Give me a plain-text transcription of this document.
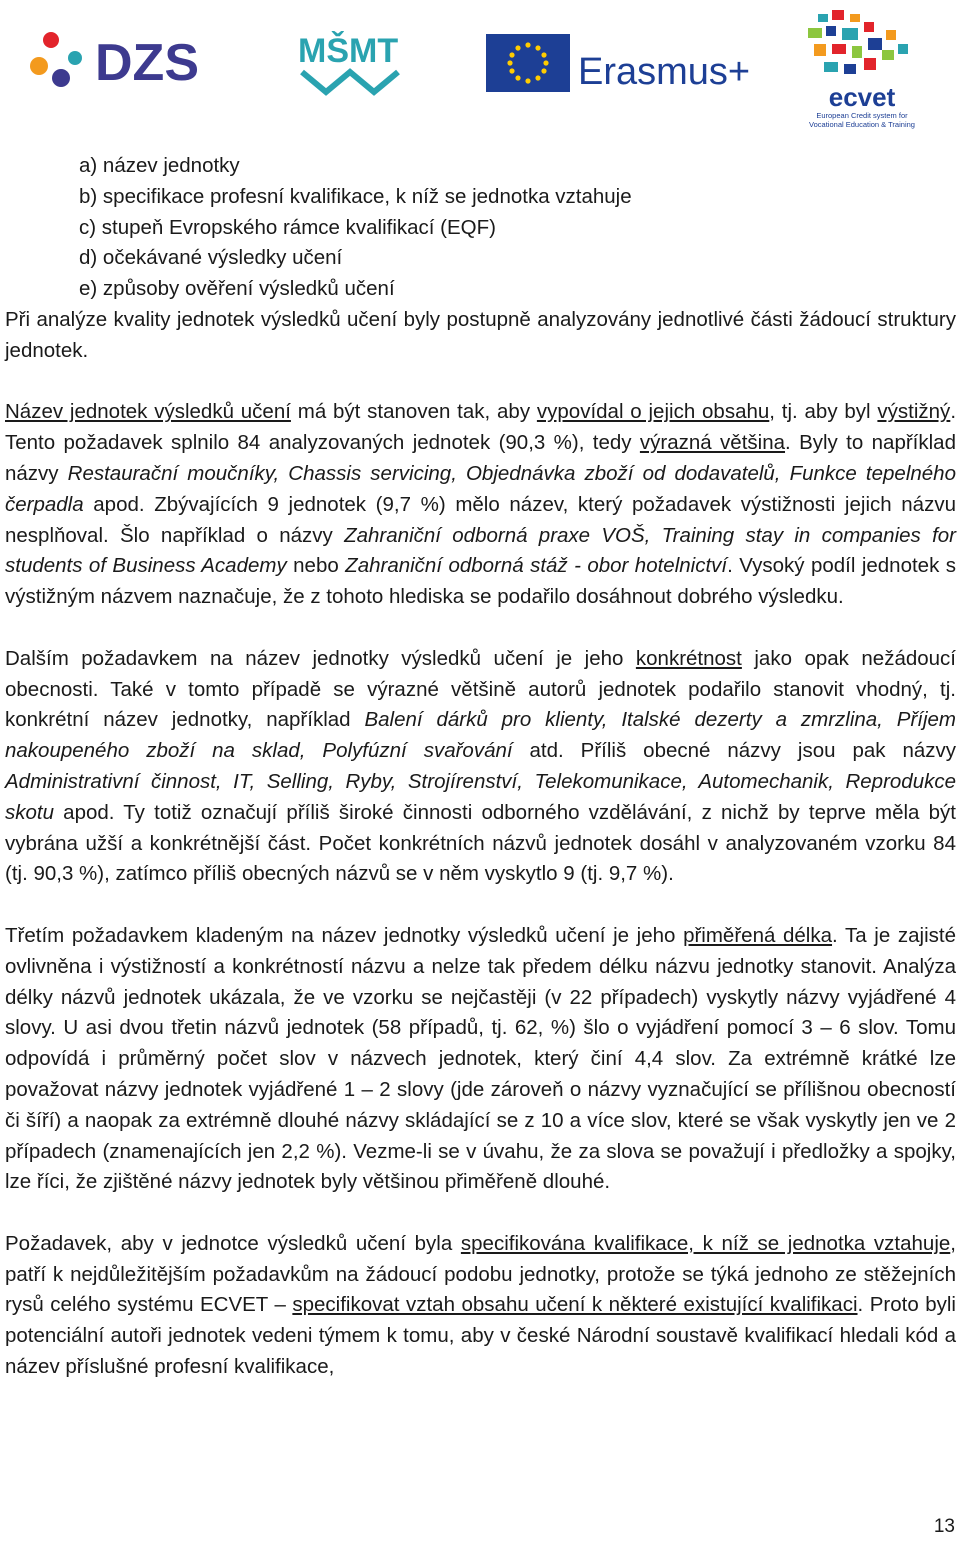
DZS	MŠMT	Erasmus+
ecvet
European Credit system for
Vocational Education & Training
a) název jednotky
b) specifikace profesní kvalifikace, k níž se jednotka vztahuje
c) stupeň Evropského rámce kvalifikací (EQF)
d) očekávané výsledky učení
e) způsoby ověření výsledků učení

Při analýze kvality jednotek výsledků učení byly postupně analyzovány jednotlivé části žádoucí struktury jednotek.

Název jednotek výsledků učení má být stanoven tak, aby vypovídal o jejich obsahu, tj. aby byl výstižný. Tento požadavek splnilo 84 analyzovaných jednotek (90,3 %), tedy výrazná většina. Byly to například názvy Restaurační moučníky, Chassis servicing, Objednávka zboží od dodavatelů, Funkce tepelného čerpadla apod. Zbývajících 9 jednotek (9,7 %) mělo název, který požadavek výstižnosti jejich názvu nesplňoval. Šlo například o názvy Zahraniční odborná praxe VOŠ, Training stay in companies for students of Business Academy nebo Zahraniční odborná stáž - obor hotelnictví. Vysoký podíl jednotek s výstižným názvem naznačuje, že z tohoto hlediska se podařilo dosáhnout dobrého výsledku.

Dalším požadavkem na název jednotky výsledků učení je jeho konkrétnost jako opak nežádoucí obecnosti. Také v tomto případě se výrazné většině autorů jednotek podařilo stanovit vhodný, tj. konkrétní název jednotky, například Balení dárků pro klienty, Italské dezerty a zmrzlina, Příjem nakoupeného zboží na sklad, Polyfúzní svařování atd. Příliš obecné názvy jsou pak názvy Administrativní činnost, IT, Selling, Ryby, Strojírenství, Telekomunikace, Automechanik, Reprodukce skotu apod. Ty totiž označují příliš široké činnosti odborného vzdělávání, z nichž by teprve měla být vybrána užší a konkrétnější část. Počet konkrétních názvů jednotek dosáhl v analyzovaném vzorku 84 (tj. 90,3 %), zatímco příliš obecných názvů se v něm vyskytlo 9 (tj. 9,7 %).

Třetím požadavkem kladeným na název jednotky výsledků učení je jeho přiměřená délka. Ta je zajisté ovlivněna i výstižností a konkrétností názvu a nelze tak předem délku názvu jednotky stanovit. Analýza délky názvů jednotek ukázala, že ve vzorku se nejčastěji (v 22 případech) vyskytly názvy vyjádřené 4 slovy. U asi dvou třetin názvů jednotek (58 případů, tj. 62, %) šlo o vyjádření pomocí 3 – 6 slov. Tomu odpovídá i průměrný počet slov v názvech jednotek, který činí 4,4 slov. Za extrémně krátké lze považovat názvy jednotek vyjádřené 1 – 2 slovy (jde zároveň o názvy vyznačující se přílišnou obecností či šíří) a naopak za extrémně dlouhé názvy skládající se z 10 a více slov, které se však vyskytly jen ve 2 případech (znamenajících jen 2,2 %). Vezme-li se v úvahu, že za slova se považují i předložky a spojky, lze říci, že zjištěné názvy jednotek byly většinou přiměřeně dlouhé.

Požadavek, aby v jednotce výsledků učení byla specifikována kvalifikace, k níž se jednotka vztahuje, patří k nejdůležitějším požadavkům na žádoucí podobu jednotky, protože se týká jednoho ze stěžejních rysů celého systému ECVET – specifikovat vztah obsahu učení k některé existující kvalifikaci. Proto byli potenciální autoři jednotek vedeni týmem k tomu, aby v české Národní soustavě kvalifikací hledali kód a název příslušné profesní kvalifikace,

13
